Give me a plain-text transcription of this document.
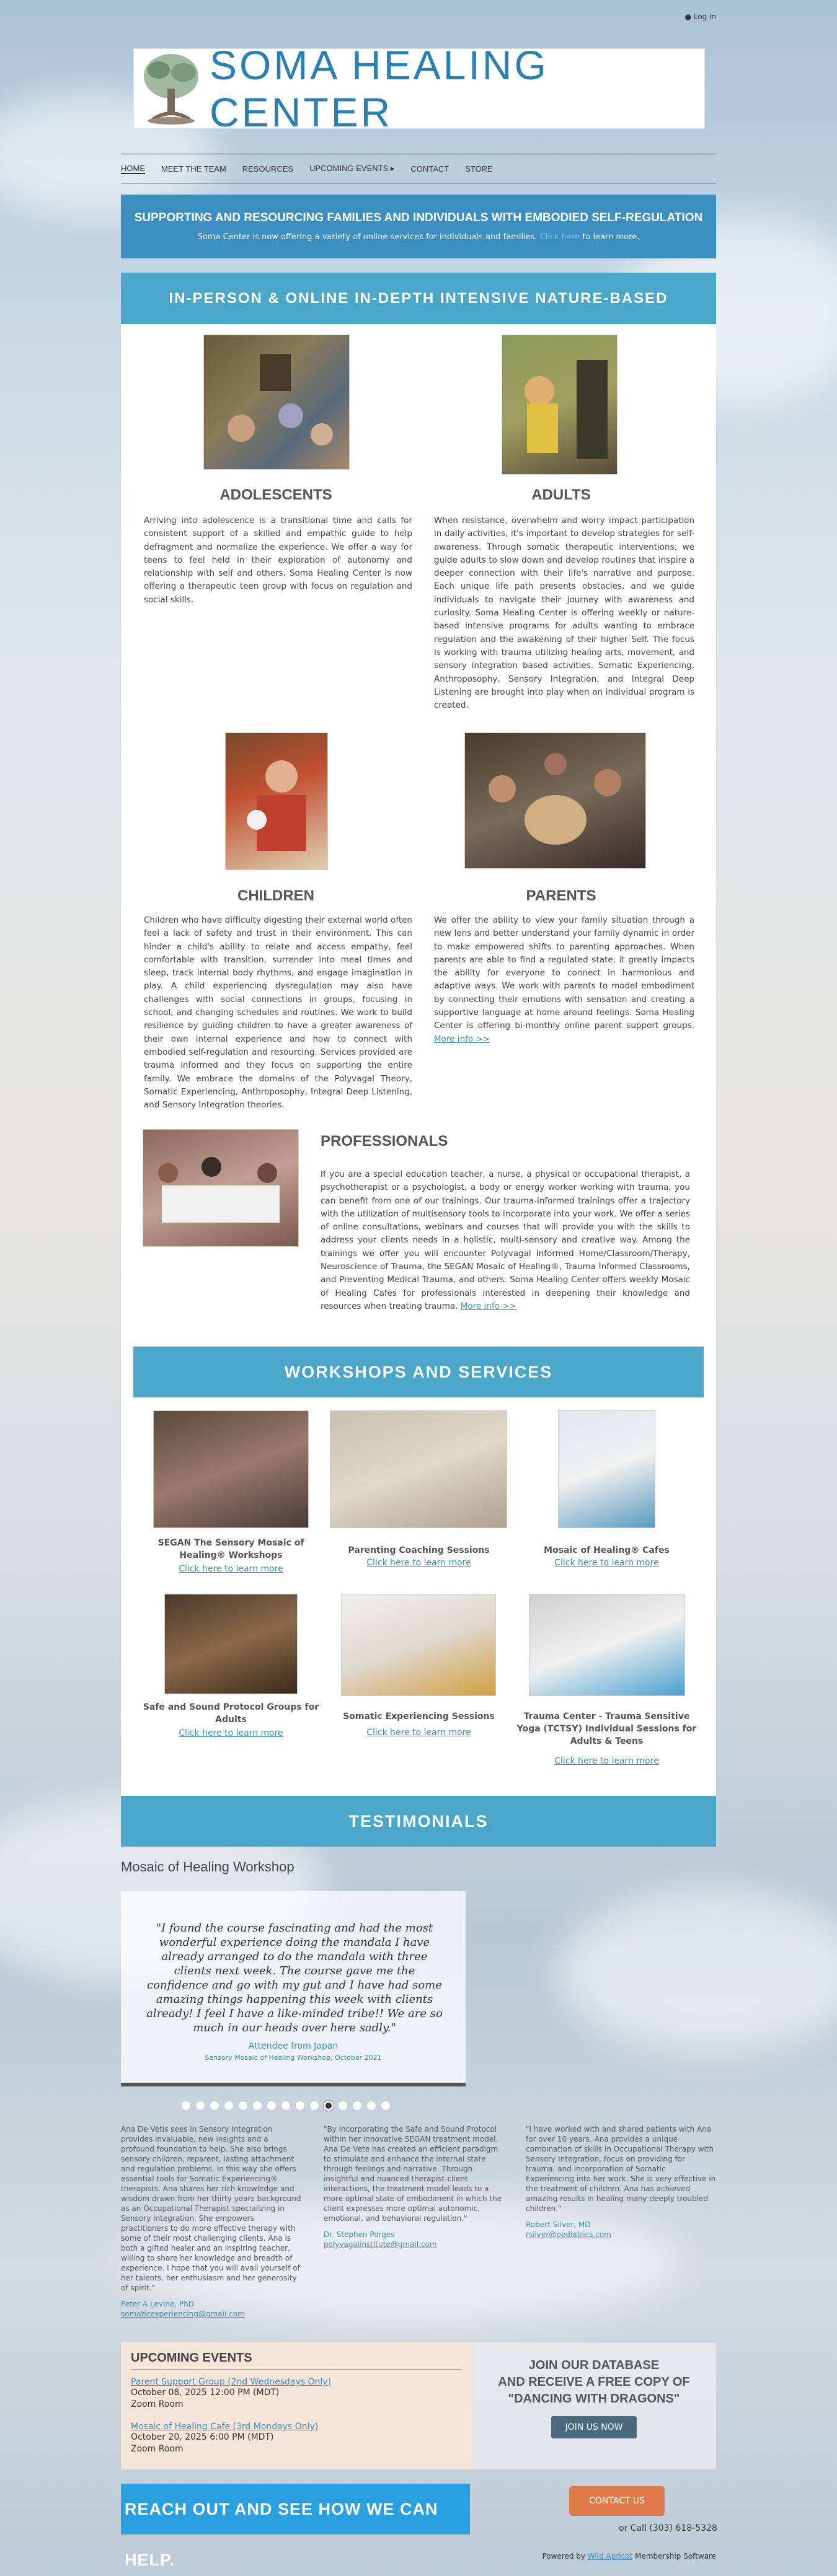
● Log in
SOMA HEALING CENTER
HOME MEET THE TEAM RESOURCES UPCOMING EVENTS ▸ CONTACT STORE
SUPPORTING AND RESOURCING FAMILIES AND INDIVIDUALS WITH EMBODIED SELF-REGULATION

Soma Center is now offering a variety of online services for individuals and families. Click here to learn more.

IN-PERSON & ONLINE IN-DEPTH INTENSIVE NATURE-BASED PROGRAMS
ADOLESCENTS
Arriving into adolescence is a transitional time and calls for consistent support of a skilled and empathic guide to help defragment and normalize the experience. We offer a way for teens to feel held in their exploration of autonomy and relationship with self and others. Soma Healing Center is now offering a therapeutic teen group with focus on regulation and social skills.
ADULTS
When resistance, overwhelm and worry impact participation in daily activities, it's important to develop strategies for self-awareness. Through somatic therapeutic interventions, we guide adults to slow down and develop routines that inspire a deeper connection with their life's narrative and purpose. Each unique life path presents obstacles, and we guide individuals to navigate their journey with awareness and curiosity. Soma Healing Center is offering weekly or nature-based intensive programs for adults wanting to embrace regulation and the awakening of their higher Self. The focus is working with trauma utilizing healing arts, movement, and sensory integration based activities. Somatic Experiencing, Anthroposophy, Sensory Integration, and Integral Deep Listening are brought into play when an individual program is created.
CHILDREN
Children who have difficulty digesting their external world often feel a lack of safety and trust in their environment. This can hinder a child's ability to relate and access empathy, feel comfortable with transition, surrender into meal times and sleep, track internal body rhythms, and engage imagination in play. A child experiencing dysregulation may also have challenges with social connections in groups, focusing in school, and changing schedules and routines. We work to build resilience by guiding children to have a greater awareness of their own internal experience and how to connect with embodied self-regulation and resourcing. Services provided are trauma informed and they focus on supporting the entire family. We embrace the domains of the Polyvagal Theory, Somatic Experiencing, Anthroposophy, Integral Deep Listening, and Sensory Integration theories.
PARENTS
We offer the ability to view your family situation through a new lens and better understand your family dynamic in order to make empowered shifts to parenting approaches. When parents are able to find a regulated state, it greatly impacts the ability for everyone to connect in harmonious and adaptive ways. We work with parents to model embodiment by connecting their emotions with sensation and creating a supportive language at home around feelings. Soma Healing Center is offering bi-monthly online parent support groups. More info >>
PROFESSIONALS
If you are a special education teacher, a nurse, a physical or occupational therapist, a psychotherapist or a psychologist, a body or energy worker working with trauma, you can benefit from one of our trainings. Our trauma-informed trainings offer a trajectory with the utilization of multisensory tools to incorporate into your work. We offer a series of online consultations, webinars and courses that will provide you with the skills to address your clients needs in a holistic, multi-sensory and creative way. Among the trainings we offer you will encounter Polyvagal Informed Home/Classroom/Therapy, Neuroscience of Trauma, the SEGAN Mosaic of Healing®, Trauma Informed Classrooms, and Preventing Medical Trauma, and others. Soma Healing Center offers weekly Mosaic of Healing Cafes for professionals interested in deepening their knowledge and resources when treating trauma. More info >>
WORKSHOPS AND SERVICES
SEGAN The Sensory Mosaic of Healing® Workshops
Click here to learn more
Parenting Coaching Sessions
Click here to learn more
Mosaic of Healing® Cafes
Click here to learn more
Safe and Sound Protocol Groups for Adults
Click here to learn more
Somatic Experiencing Sessions
Click here to learn more
Trauma Center - Trauma Sensitive Yoga (TCTSY) Individual Sessions for Adults & Teens
Click here to learn more
TESTIMONIALS
Mosaic of Healing Workshop
"I found the course fascinating and had the most wonderful experience doing the mandala I have already arranged to do the mandala with three clients next week. The course gave me the confidence and go with my gut and I have had some amazing things happening this week with clients already! I feel I have a like-minded tribe!! We are so much in our heads over here sadly."
Attendee from Japan
Sensory Mosaic of Healing Workshop, October 2021
Ana De Vetis sees in Sensory Integration provides invaluable, new insights and a profound foundation to help. She also brings sensory children, reparent, lasting attachment and regulation problems. In this way she offers essential tools for Somatic Experiencing® therapists. Ana shares her rich knowledge and wisdom drawn from her thirty years background as an Occupational Therapist specializing in Sensory Integration. She empowers practitioners to do more effective therapy with some of their most challenging clients. Ana is both a gifted healer and an inspiring teacher, willing to share her knowledge and breadth of experience. I hope that you will avail yourself of her talents, her enthusiasm and her generosity of spirit."
Peter A Levine, PhD
somaticexperiencing@gmail.com
"By incorporating the Safe and Sound Protocol within her innovative SEGAN treatment model, Ana De Vete has created an efficient paradigm to stimulate and enhance the internal state through feelings and narrative. Through insightful and nuanced therapist-client interactions, the treatment model leads to a more optimal state of embodiment in which the client expresses more optimal autonomic, emotional, and behavioral regulation."
Dr. Stephen Porges
polyvagalinstitute@gmail.com
"I have worked with and shared patients with Ana for over 10 years. Ana provides a unique combination of skills in Occupational Therapy with Sensory Integration, focus on providing for trauma, and incorporation of Somatic Experiencing into her work. She is very effective in the treatment of children. Ana has achieved amazing results in healing many deeply troubled children."
Robert Silver, MD
rsilver@pediatrics.com
UPCOMING EVENTS
Parent Support Group (2nd Wednesdays Only)
October 08, 2025 12:00 PM (MDT)
Zoom Room
Mosaic of Healing Cafe (3rd Mondays Only)
October 20, 2025 6:00 PM (MDT)
Zoom Room
JOIN OUR DATABASE
AND RECEIVE A FREE COPY OF "DANCING WITH DRAGONS"
JOIN US NOW
REACH OUT AND SEE HOW WE CAN HELP.
CONTACT US
or Call (303) 618-5328
Powered by Wild Apricot Membership Software
